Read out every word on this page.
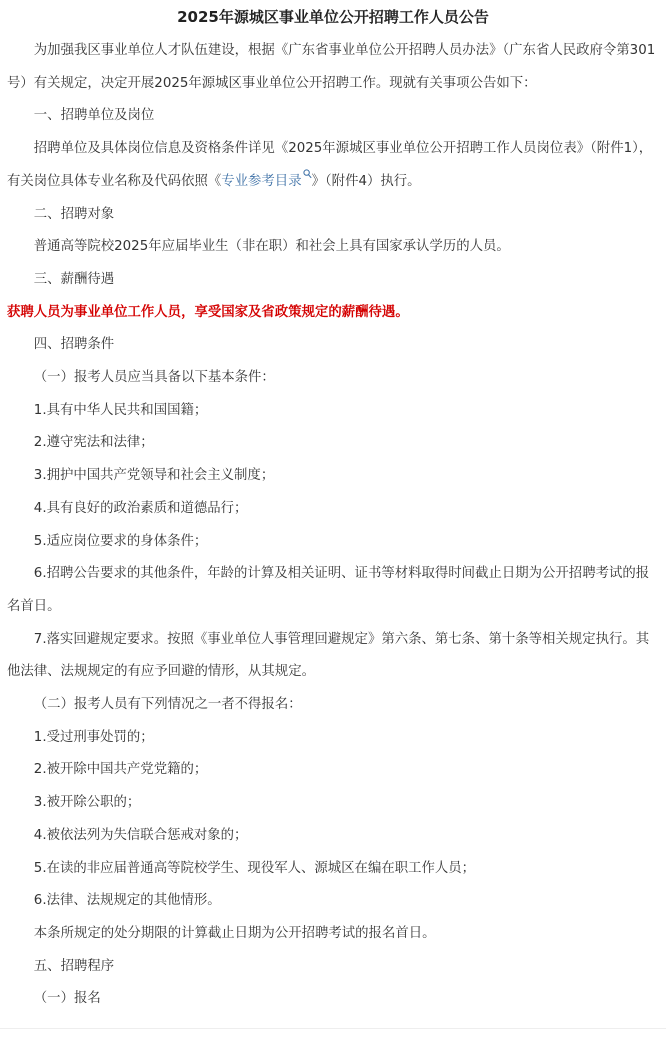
2025年源城区事业单位公开招聘工作人员公告

为加强我区事业单位人才队伍建设，根据《广东省事业单位公开招聘人员办法》（广东省人民政府令第301号）有关规定，决定开展2025年源城区事业单位公开招聘工作。现就有关事项公告如下：

一、招聘单位及岗位

招聘单位及具体岗位信息及资格条件详见《2025年源城区事业单位公开招聘工作人员岗位表》（附件1），有关岗位具体专业名称及代码依照《专业参考目录 》（附件4）执行。

二、招聘对象

普通高等院校2025年应届毕业生（非在职）和社会上具有国家承认学历的人员。

三、薪酬待遇

获聘人员为事业单位工作人员，享受国家及省政策规定的薪酬待遇。

四、招聘条件

（一）报考人员应当具备以下基本条件：

1.具有中华人民共和国国籍；

2.遵守宪法和法律；

3.拥护中国共产党领导和社会主义制度；

4.具有良好的政治素质和道德品行；

5.适应岗位要求的身体条件；

6.招聘公告要求的其他条件，年龄的计算及相关证明、证书等材料取得时间截止日期为公开招聘考试的报名首日。

7.落实回避规定要求。按照《事业单位人事管理回避规定》第六条、第七条、第十条等相关规定执行。其他法律、法规规定的有应予回避的情形，从其规定。

（二）报考人员有下列情况之一者不得报名：

1.受过刑事处罚的；

2.被开除中国共产党党籍的；

3.被开除公职的；

4.被依法列为失信联合惩戒对象的；

5.在读的非应届普通高等院校学生、现役军人、源城区在编在职工作人员；

6.法律、法规规定的其他情形。

本条所规定的处分期限的计算截止日期为公开招聘考试的报名首日。

五、招聘程序

（一）报名
